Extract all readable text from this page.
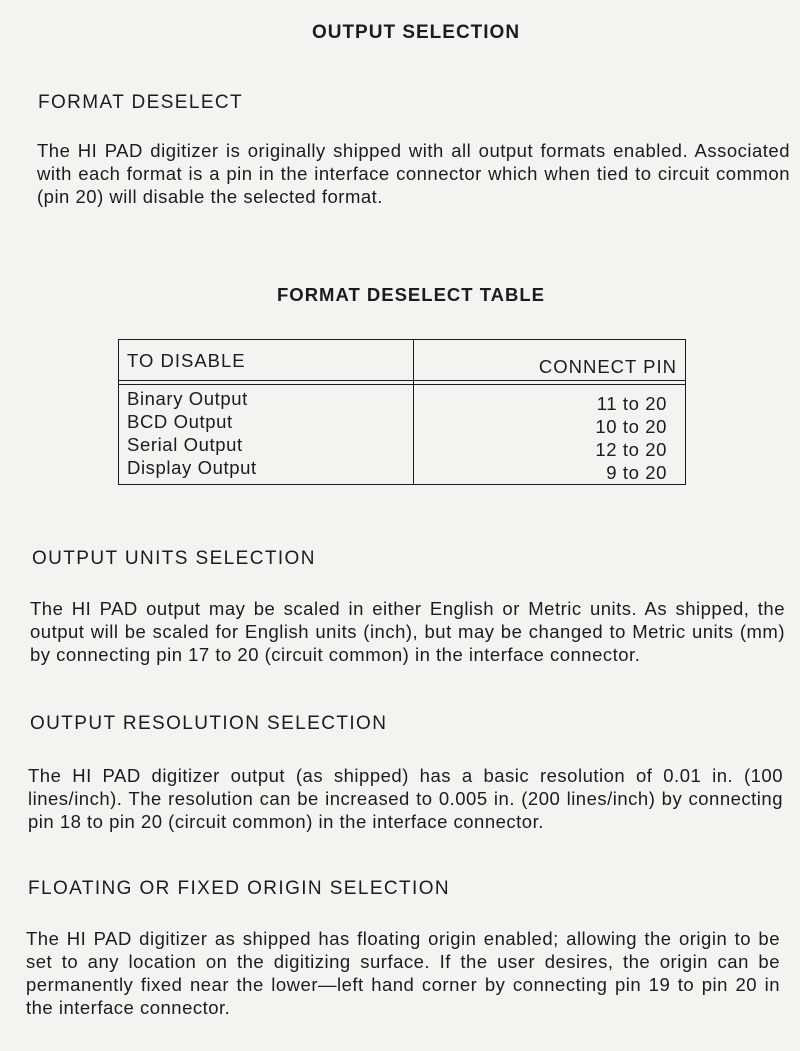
OUTPUT SELECTION
FORMAT DESELECT
The HI PAD digitizer is originally shipped with all output formats enabled. Associated with each format is a pin in the interface connector which when tied to circuit common (pin 20) will disable the selected format.
FORMAT DESELECT TABLE
TO DISABLE	CONNECT PIN
Binary Output
BCD Output
Serial Output
Display Output
11 to 20
10 to 20
12 to 20
9 to 20
OUTPUT UNITS SELECTION
The HI PAD output may be scaled in either English or Metric units. As shipped, the output will be scaled for English units (inch), but may be changed to Metric units (mm) by connecting pin 17 to 20 (circuit common) in the interface connector.
OUTPUT RESOLUTION SELECTION
The HI PAD digitizer output (as shipped) has a basic resolution of 0.01 in. (100 lines/inch). The resolution can be increased to 0.005 in. (200 lines/inch) by connecting pin 18 to pin 20 (circuit common) in the interface connector.
FLOATING OR FIXED ORIGIN SELECTION
The HI PAD digitizer as shipped has floating origin enabled; allowing the origin to be set to any location on the digitizing surface. If the user desires, the origin can be permanently fixed near the lower—left hand corner by connecting pin 19 to pin 20 in the interface connector.
